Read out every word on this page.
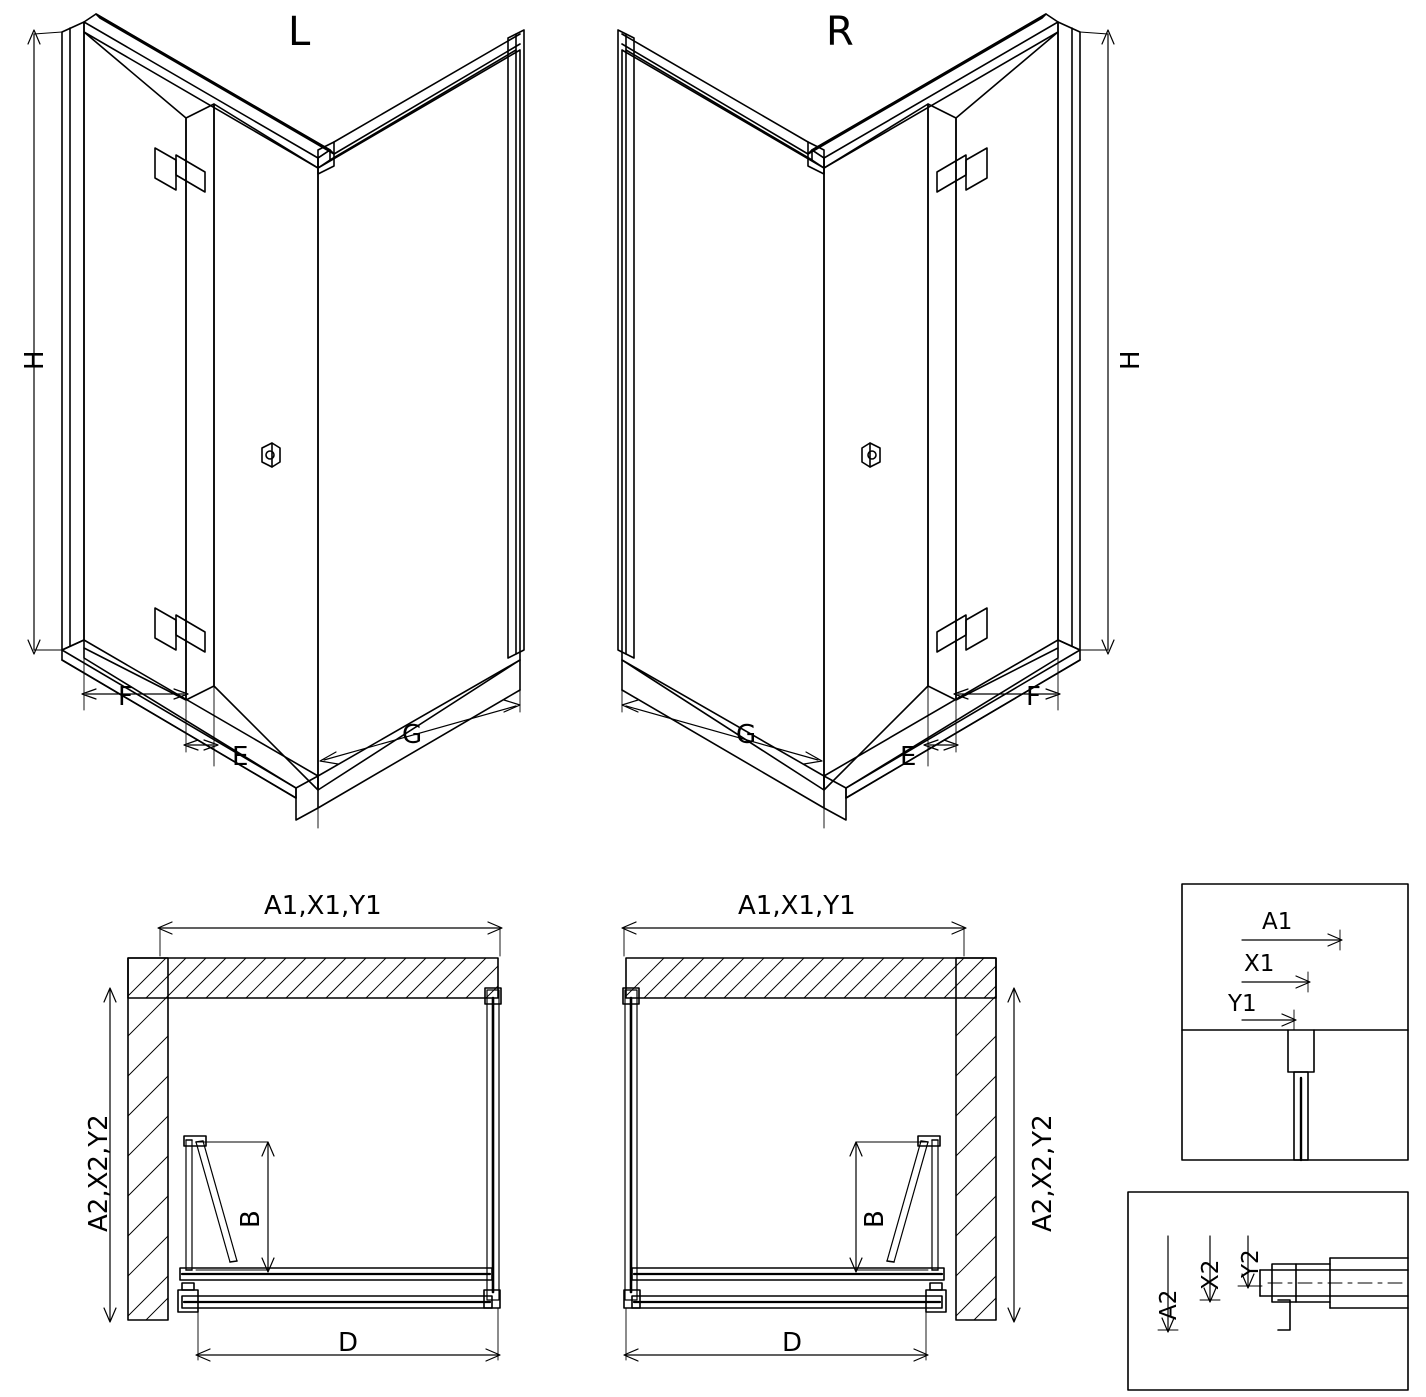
L	R
H	H
F
E
G	G
E
F
A1,X1,Y1	A1,X1,Y1
A2,X2,Y2	A2,X2,Y2
B	B
D	D
A1
X1
Y1
A2
X2 Y2
